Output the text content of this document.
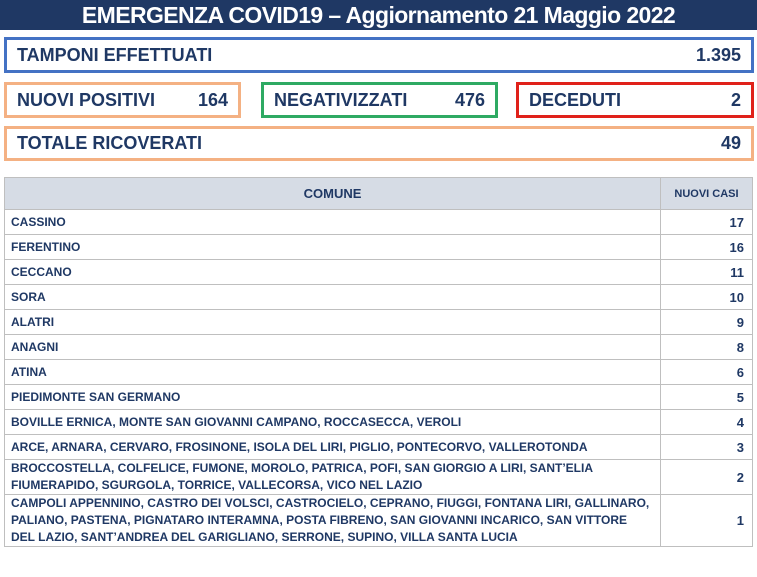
EMERGENZA COVID19 – Aggiornamento 21 Maggio 2022
TAMPONI EFFETTUATI	1.395
NUOVI POSITIVI 164	NEGATIVIZZATI	476 DECEDUTI	2
TOTALE RICOVERATI	49
COMUNE	NUOVI CASI
CASSINO	17
FERENTINO	16
CECCANO	11
SORA	10
ALATRI	9
ANAGNI	8
ATINA	6
PIEDIMONTE SAN GERMANO	5
BOVILLE ERNICA, MONTE SAN GIOVANNI CAMPANO, ROCCASECCA, VEROLI	4
ARCE, ARNARA, CERVARO, FROSINONE, ISOLA DEL LIRI, PIGLIO, PONTECORVO, VALLEROTONDA	3
BROCCOSTELLA, COLFELICE, FUMONE, MOROLO, PATRICA, POFI, SAN GIORGIO A LIRI, SANT’ELIA FIUMERAPIDO, SGURGOLA, TORRICE, VALLECORSA, VICO NEL LAZIO	2
CAMPOLI APPENNINO, CASTRO DEI VOLSCI, CASTROCIELO, CEPRANO, FIUGGI, FONTANA LIRI, GALLINARO, PALIANO, PASTENA, PIGNATARO INTERAMNA, POSTA FIBRENO, SAN GIOVANNI INCARICO, SAN VITTORE DEL LAZIO, SANT’ANDREA DEL GARIGLIANO, SERRONE, SUPINO, VILLA SANTA LUCIA	1
